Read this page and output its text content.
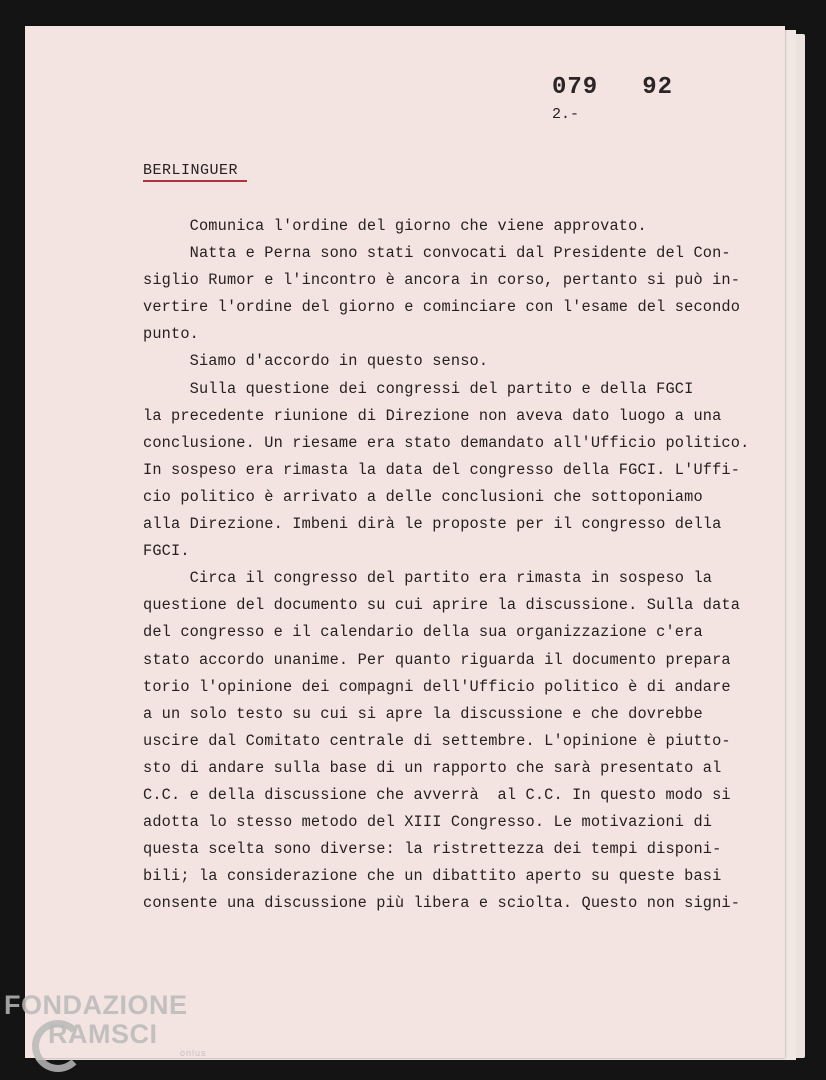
079 92
2.-
BERLINGUER
Comunica l'ordine del giorno che viene approvato.
Natta e Perna sono stati convocati dal Presidente del Con-
siglio Rumor e l'incontro è ancora in corso, pertanto si può in-
vertire l'ordine del giorno e cominciare con l'esame del secondo
punto.
Siamo d'accordo in questo senso.
Sulla questione dei congressi del partito e della FGCI
la precedente riunione di Direzione non aveva dato luogo a una
conclusione. Un riesame era stato demandato all'Ufficio politico.
In sospeso era rimasta la data del congresso della FGCI. L'Uffi-
cio politico è arrivato a delle conclusioni che sottoponiamo
alla Direzione. Imbeni dirà le proposte per il congresso della
FGCI.
Circa il congresso del partito era rimasta in sospeso la
questione del documento su cui aprire la discussione. Sulla data
del congresso e il calendario della sua organizzazione c'era
stato accordo unanime. Per quanto riguarda il documento prepara
torio l'opinione dei compagni dell'Ufficio politico è di andare
a un solo testo su cui si apre la discussione e che dovrebbe
uscire dal Comitato centrale di settembre. L'opinione è piutto-
sto di andare sulla base di un rapporto che sarà presentato al
C.C. e della discussione che avverrà  al C.C. In questo modo si
adotta lo stesso metodo del XIII Congresso. Le motivazioni di
questa scelta sono diverse: la ristrettezza dei tempi disponi-
bili; la considerazione che un dibattito aperto su queste basi
consente una discussione più libera e sciolta. Questo non signi-
FONDAZIONE
RAMSCI
onlus
